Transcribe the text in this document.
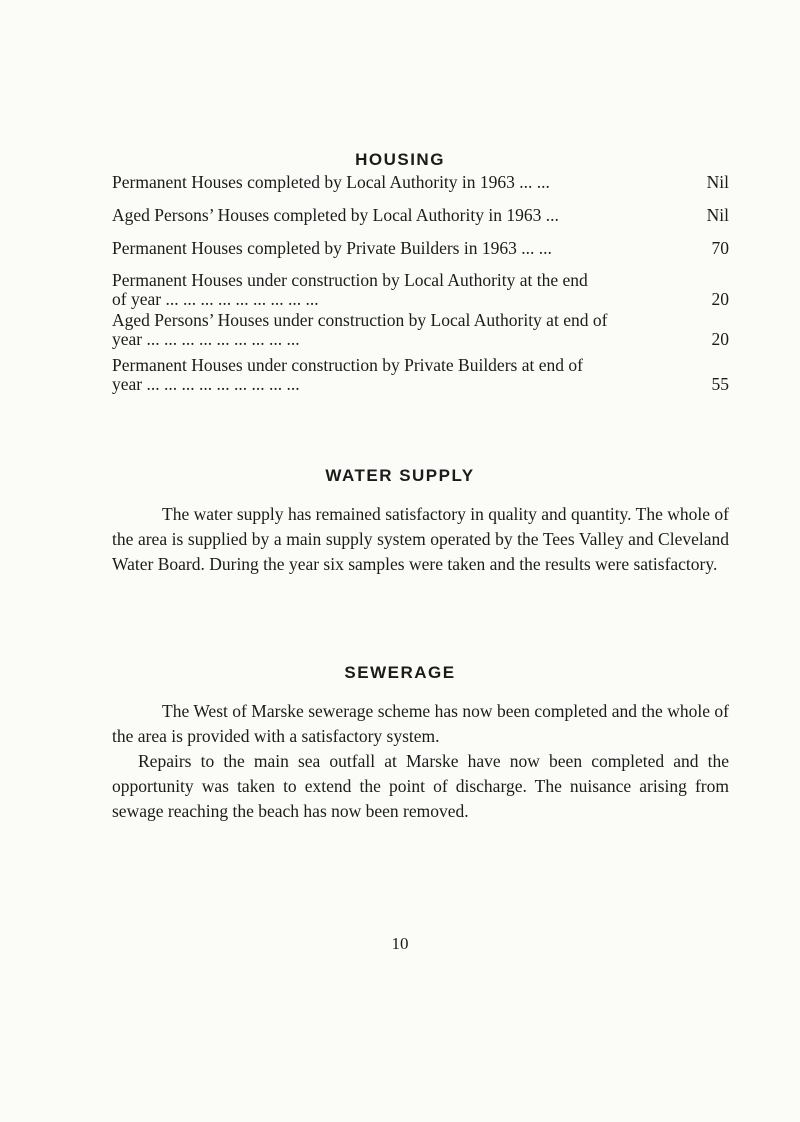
HOUSING
Permanent Houses completed by Local Authority in 1963 ... ...	Nil
Aged Persons’ Houses completed by Local Authority in 1963 ...	Nil
Permanent Houses completed by Private Builders in 1963 ... ...	70
Permanent Houses under construction by Local Authority at the end
of year ... ... ... ... ... ... ... ... ...	20
Aged Persons’ Houses under construction by Local Authority at end of
year ... ... ... ... ... ... ... ... ...	20
Permanent Houses under construction by Private Builders at end of
year ... ... ... ... ... ... ... ... ...	55
WATER SUPPLY

The water supply has remained satisfactory in quality and quantity. The whole of the area is supplied by a main supply system operated by the Tees Valley and Cleveland Water Board. During the year six samples were taken and the results were satisfactory.

SEWERAGE

The West of Marske sewerage scheme has now been completed and the whole of the area is provided with a satisfactory system.

Repairs to the main sea outfall at Marske have now been completed and the opportunity was taken to extend the point of discharge. The nuisance arising from sewage reaching the beach has now been removed.

10
